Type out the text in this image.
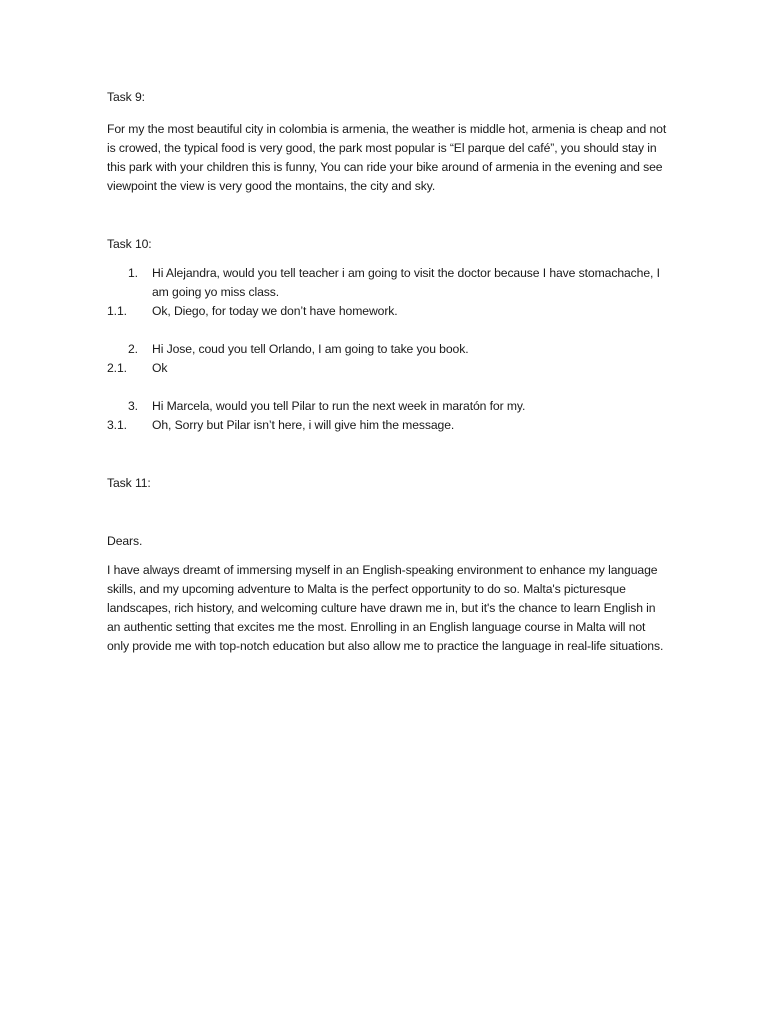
Task 9:

For my the most beautiful city in colombia is armenia, the weather is middle hot, armenia is cheap and not is crowed, the typical food is very good, the park most popular is “El parque del café”, you should stay in this park with your children this is funny, You can ride your bike around of armenia in the evening and see viewpoint the view is very good the montains, the city and sky.

Task 10:

1.	Hi Alejandra, would you tell teacher i am going to visit the doctor because I have stomachache, I am going yo miss class.
1.1.	Ok, Diego, for today we don’t have homework.
2.	Hi Jose, coud you tell Orlando, I am going to take you book.
2.1.	Ok
3.	Hi Marcela, would you tell Pilar to run the next week in maratón for my.
3.1.	Oh, Sorry but Pilar isn’t here, i will give him the message.

Task 11:

Dears.

I have always dreamt of immersing myself in an English-speaking environment to enhance my language skills, and my upcoming adventure to Malta is the perfect opportunity to do so. Malta's picturesque landscapes, rich history, and welcoming culture have drawn me in, but it's the chance to learn English in an authentic setting that excites me the most. Enrolling in an English language course in Malta will not only provide me with top-notch education but also allow me to practice the language in real-life situations.
